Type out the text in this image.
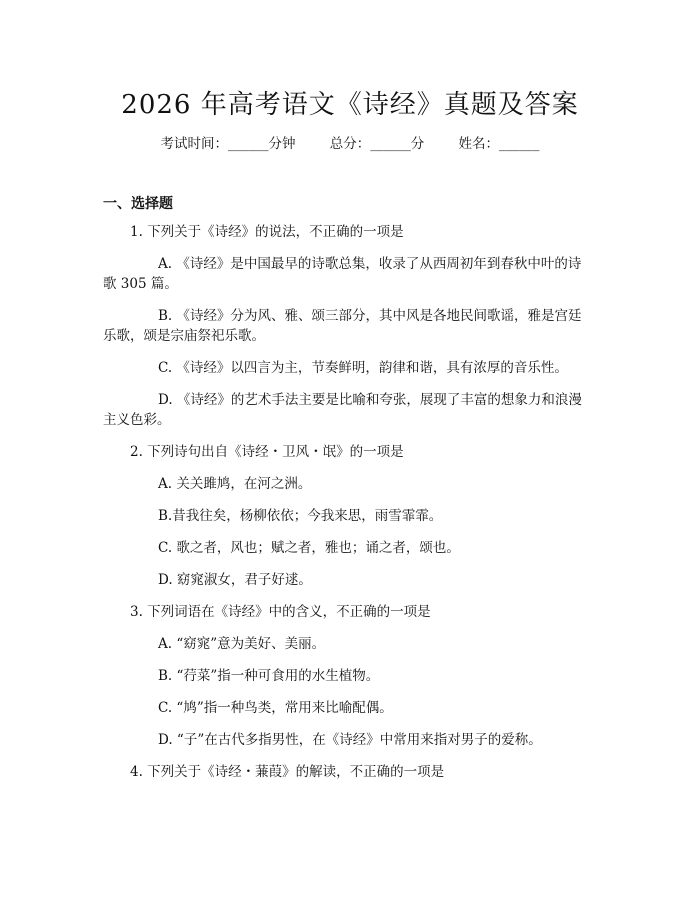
2026 年高考语文《诗经》真题及答案
考试时间：______分钟	总分：______分	姓名：______
一、选择题

1. 下列关于《诗经》的说法，不正确的一项是

A. 《诗经》是中国最早的诗歌总集，收录了从西周初年到春秋中叶的诗歌 305 篇。

B. 《诗经》分为风、雅、颂三部分，其中风是各地民间歌谣，雅是宫廷乐歌，颂是宗庙祭祀乐歌。

C. 《诗经》以四言为主，节奏鲜明，韵律和谐，具有浓厚的音乐性。

D. 《诗经》的艺术手法主要是比喻和夸张，展现了丰富的想象力和浪漫主义色彩。

2. 下列诗句出自《诗经・卫风・氓》的一项是

A. 关关雎鸠，在河之洲。

B.昔我往矣，杨柳依依；今我来思，雨雪霏霏。

C. 歌之者，风也；赋之者，雅也；诵之者，颂也。

D. 窈窕淑女，君子好逑。

3. 下列词语在《诗经》中的含义，不正确的一项是

A. “窈窕”意为美好、美丽。

B. “荇菜”指一种可食用的水生植物。

C. “鸠”指一种鸟类，常用来比喻配偶。

D. “子”在古代多指男性，在《诗经》中常用来指对男子的爱称。

4. 下列关于《诗经・蒹葭》的解读，不正确的一项是
